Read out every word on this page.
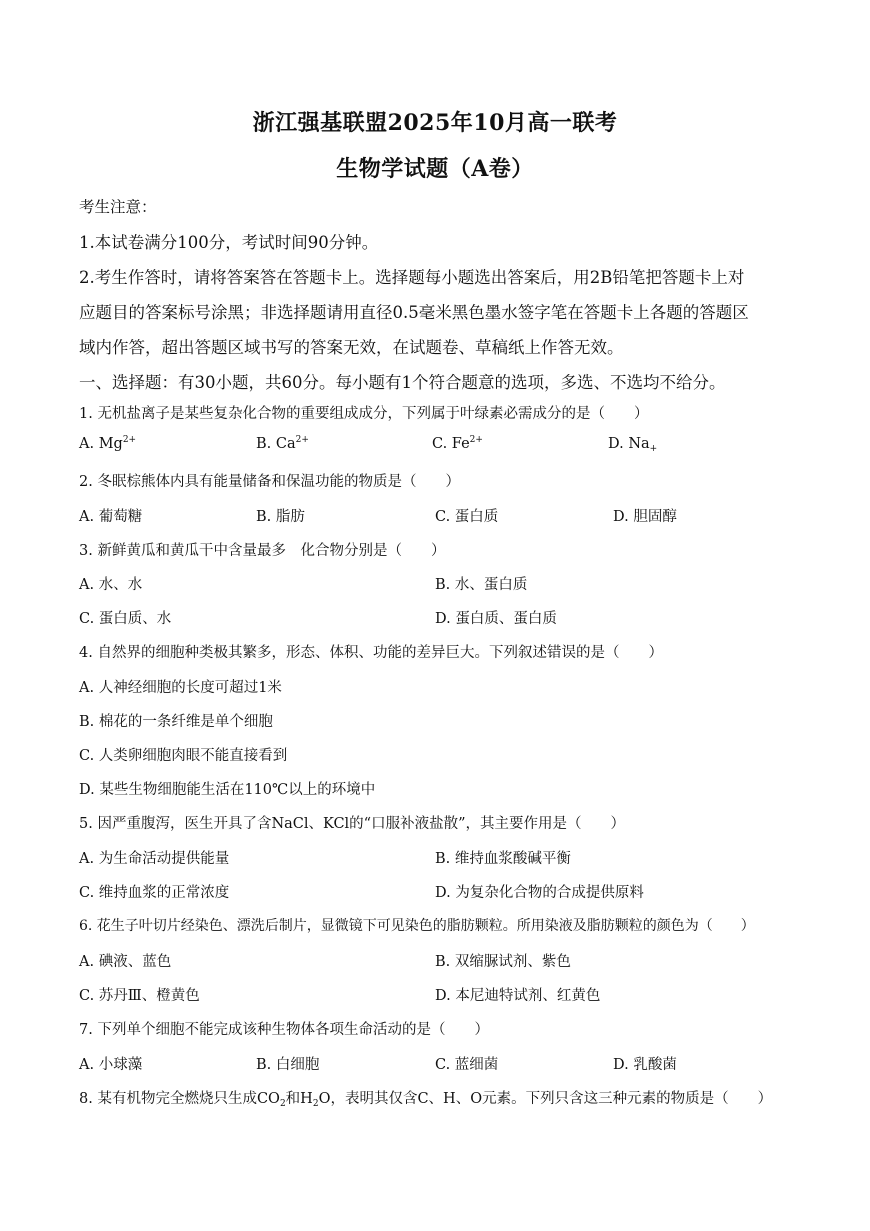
浙江强基联盟2025年10月高一联考
生物学试题（A卷）
考生注意：
1.本试卷满分100分，考试时间90分钟。
2.考生作答时，请将答案答在答题卡上。选择题每小题选出答案后，用2B铅笔把答题卡上对
应题目的答案标号涂黑；非选择题请用直径0.5毫米黑色墨水签字笔在答题卡上各题的答题区
域内作答，超出答题区域书写的答案无效，在试题卷、草稿纸上作答无效。
一、选择题：有30小题，共60分。每小题有1个符合题意的选项，多选、不选均不给分。
1. 无机盐离子是某些复杂化合物的重要组成成分，下列属于叶绿素必需成分的是（　　）
A. $Mg^{2+}$	B. $Ca^{2+}$	C. $Fe^{2+}$	D. $Na_+$
2. 冬眠棕熊体内具有能量储备和保温功能的物质是（　　）
A. 葡萄糖	B. 脂肪	C. 蛋白质	D. 胆固醇
3. 新鲜黄瓜和黄瓜干中含量最多　化合物分别是（　　）
A. 水、水	B. 水、蛋白质
C. 蛋白质、水	D. 蛋白质、蛋白质
4. 自然界的细胞种类极其繁多，形态、体积、功能的差异巨大。下列叙述错误的是（　　）
A. 人神经细胞的长度可超过1米
B. 棉花的一条纤维是单个细胞
C. 人类卵细胞肉眼不能直接看到
D. 某些生物细胞能生活在110℃以上的环境中
5. 因严重腹泻，医生开具了含NaCl、KCl的“口服补液盐散”，其主要作用是（　　）
A. 为生命活动提供能量	B. 维持血浆酸碱平衡
C. 维持血浆的正常浓度	D. 为复杂化合物的合成提供原料
6. 花生子叶切片经染色、漂洗后制片，显微镜下可见染色的脂肪颗粒。所用染液及脂肪颗粒的颜色为（　　）
A. 碘液、蓝色	B. 双缩脲试剂、紫色
C. 苏丹Ⅲ、橙黄色	D. 本尼迪特试剂、红黄色
7. 下列单个细胞不能完成该种生物体各项生命活动的是（　　）
A. 小球藻	B. 白细胞	C. 蓝细菌	D. 乳酸菌
8. 某有机物完全燃烧只生成$CO_2$和$H_2O$，表明其仅含C、H、O元素。下列只含这三种元素的物质是（　　）
